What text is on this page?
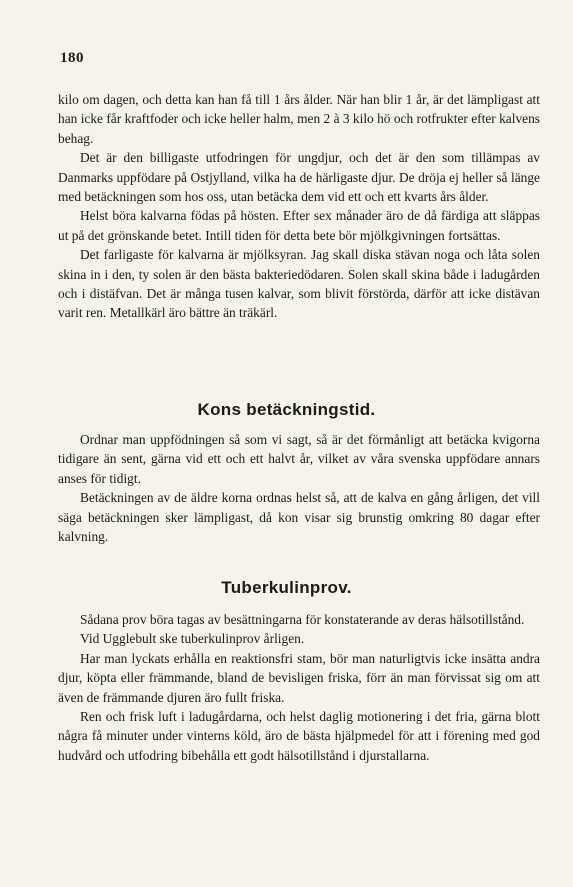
180

kilo om dagen, och detta kan han få till 1 års ålder. När han blir 1 år, är det lämpligast att han icke får kraftfoder och icke heller halm, men 2 à 3 kilo hö och rotfrukter efter kalvens behag.

Det är den billigaste utfodringen för ungdjur, och det är den som tillämpas av Danmarks uppfödare på Ostjylland, vilka ha de härligaste djur. De dröja ej heller så länge med betäckningen som hos oss, utan betäcka dem vid ett och ett kvarts års ålder.

Helst böra kalvarna födas på hösten. Efter sex månader äro de då färdiga att släppas ut på det grönskande betet. Intill tiden för detta bete bör mjölkgivningen fortsättas.

Det farligaste för kalvarna är mjölksyran. Jag skall diska stävan noga och låta solen skina in i den, ty solen är den bästa bakteriedödaren. Solen skall skina både i ladugården och i distäfvan. Det är många tusen kalvar, som blivit förstörda, därför att icke distävan varit ren. Metallkärl äro bättre än träkärl.

Kons betäckningstid.

Ordnar man uppfödningen så som vi sagt, så är det förmånligt att betäcka kvigorna tidigare än sent, gärna vid ett och ett halvt år, vilket av våra svenska uppfödare annars anses för tidigt.

Betäckningen av de äldre korna ordnas helst så, att de kalva en gång årligen, det vill säga betäckningen sker lämpligast, då kon visar sig brunstig omkring 80 dagar efter kalvning.

Tuberkulinprov.

Sådana prov böra tagas av besättningarna för konstaterande av deras hälsotillstånd.

Vid Ugglebult ske tuberkulinprov årligen.

Har man lyckats erhålla en reaktionsfri stam, bör man naturligtvis icke insätta andra djur, köpta eller främmande, bland de bevisligen friska, förr än man förvissat sig om att även de främmande djuren äro fullt friska.

Ren och frisk luft i ladugårdarna, och helst daglig motionering i det fria, gärna blott några få minuter under vinterns köld, äro de bästa hjälpmedel för att i förening med god hudvård och utfodring bibehålla ett godt hälsotillstånd i djurstallarna.
